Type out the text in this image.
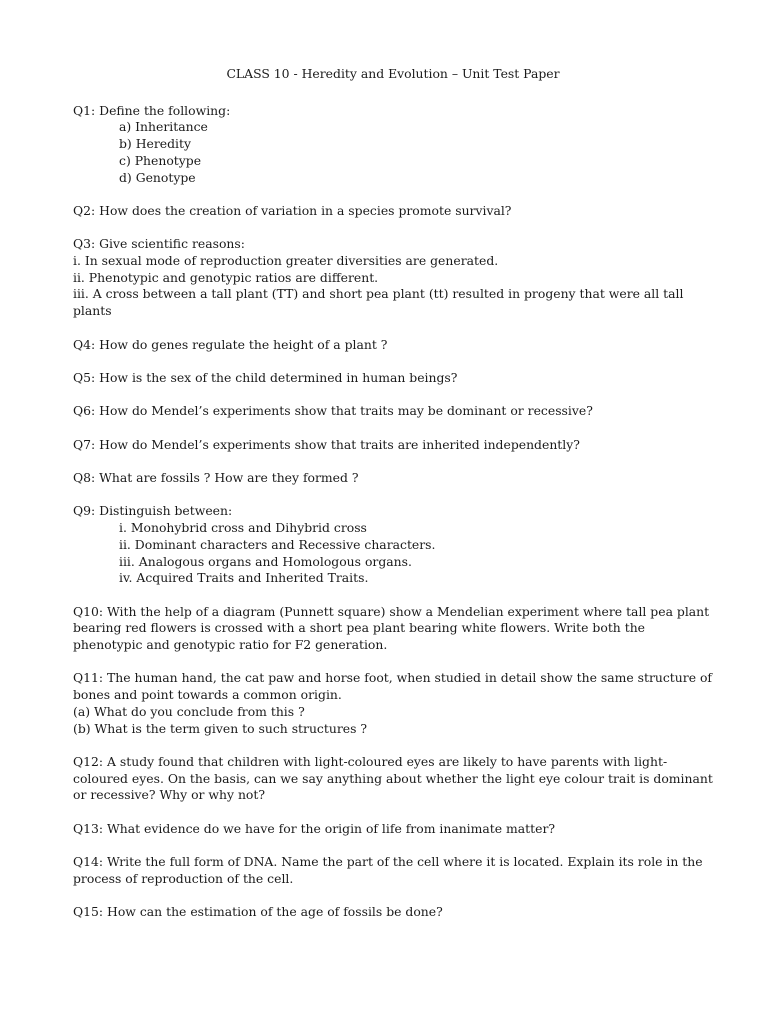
CLASS 10 - Heredity and Evolution – Unit Test Paper
Q1: Define the following:
a) Inheritance
b) Heredity
c) Phenotype
d) Genotype
Q2: How does the creation of variation in a species promote survival?
Q3: Give scientific reasons:
i. In sexual mode of reproduction greater diversities are generated.
ii. Phenotypic and genotypic ratios are different.
iii. A cross between a tall plant (TT) and short pea plant (tt) resulted in progeny that were all tall plants
Q4: How do genes regulate the height of a plant ?
Q5: How is the sex of the child determined in human beings?
Q6: How do Mendel’s experiments show that traits may be dominant or recessive?
Q7: How do Mendel’s experiments show that traits are inherited independently?
Q8: What are fossils ? How are they formed ?
Q9: Distinguish between:
i. Monohybrid cross and Dihybrid cross
ii. Dominant characters and Recessive characters.
iii. Analogous organs and Homologous organs.
iv. Acquired Traits and Inherited Traits.
Q10: With the help of a diagram (Punnett square) show a Mendelian experiment where tall pea plant bearing red flowers is crossed with a short pea plant bearing white flowers. Write both the phenotypic and genotypic ratio for F2 generation.
Q11: The human hand, the cat paw and horse foot, when studied in detail show the same structure of bones and point towards a common origin.
(a) What do you conclude from this ?
(b) What is the term given to such structures ?
Q12: A study found that children with light-coloured eyes are likely to have parents with light-coloured eyes. On the basis, can we say anything about whether the light eye colour trait is dominant or recessive? Why or why not?
Q13: What evidence do we have for the origin of life from inanimate matter?
Q14: Write the full form of DNA. Name the part of the cell where it is located. Explain its role in the process of reproduction of the cell.
Q15: How can the estimation of the age of fossils be done?
